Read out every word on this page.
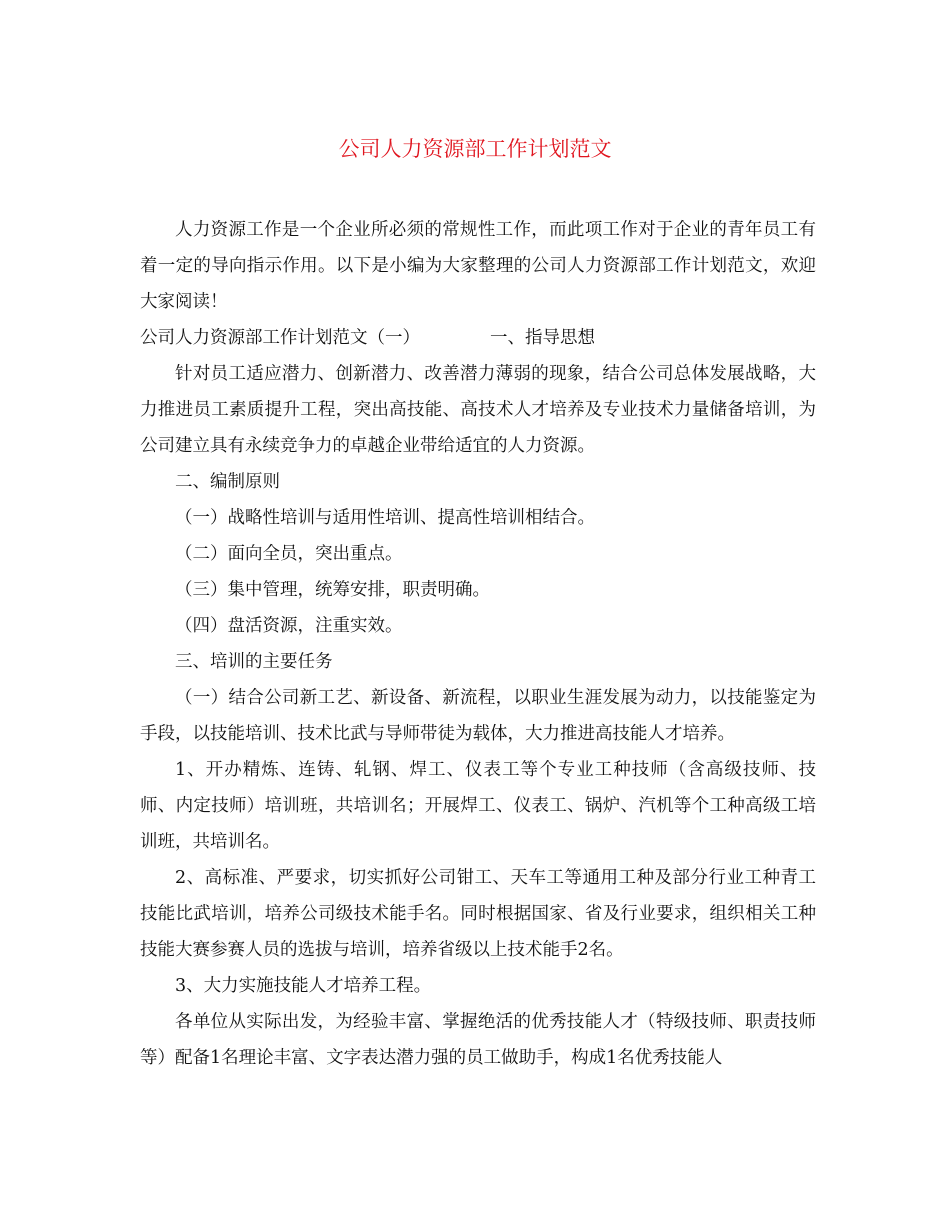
公司人力资源部工作计划范文

人力资源工作是一个企业所必须的常规性工作，而此项工作对于企业的青年员工有着一定的导向指示作用。以下是小编为大家整理的公司人力资源部工作计划范文，欢迎大家阅读！

公司人力资源部工作计划范文（一）	一、指导思想

针对员工适应潜力、创新潜力、改善潜力薄弱的现象，结合公司总体发展战略，大力推进员工素质提升工程，突出高技能、高技术人才培养及专业技术力量储备培训，为公司建立具有永续竞争力的卓越企业带给适宜的人力资源。

二、编制原则

（一）战略性培训与适用性培训、提高性培训相结合。

（二）面向全员，突出重点。

（三）集中管理，统筹安排，职责明确。

（四）盘活资源，注重实效。

三、培训的主要任务

（一）结合公司新工艺、新设备、新流程，以职业生涯发展为动力，以技能鉴定为手段，以技能培训、技术比武与导师带徒为载体，大力推进高技能人才培养。

1、开办精炼、连铸、轧钢、焊工、仪表工等个专业工种技师（含高级技师、技师、内定技师）培训班，共培训名；开展焊工、仪表工、锅炉、汽机等个工种高级工培训班，共培训名。

2、高标准、严要求，切实抓好公司钳工、天车工等通用工种及部分行业工种青工技能比武培训，培养公司级技术能手名。同时根据国家、省及行业要求，组织相关工种技能大赛参赛人员的选拔与培训，培养省级以上技术能手2名。

3、大力实施技能人才培养工程。

各单位从实际出发，为经验丰富、掌握绝活的优秀技能人才（特级技师、职责技师等）配备1名理论丰富、文字表达潜力强的员工做助手，构成1名优秀技能人
